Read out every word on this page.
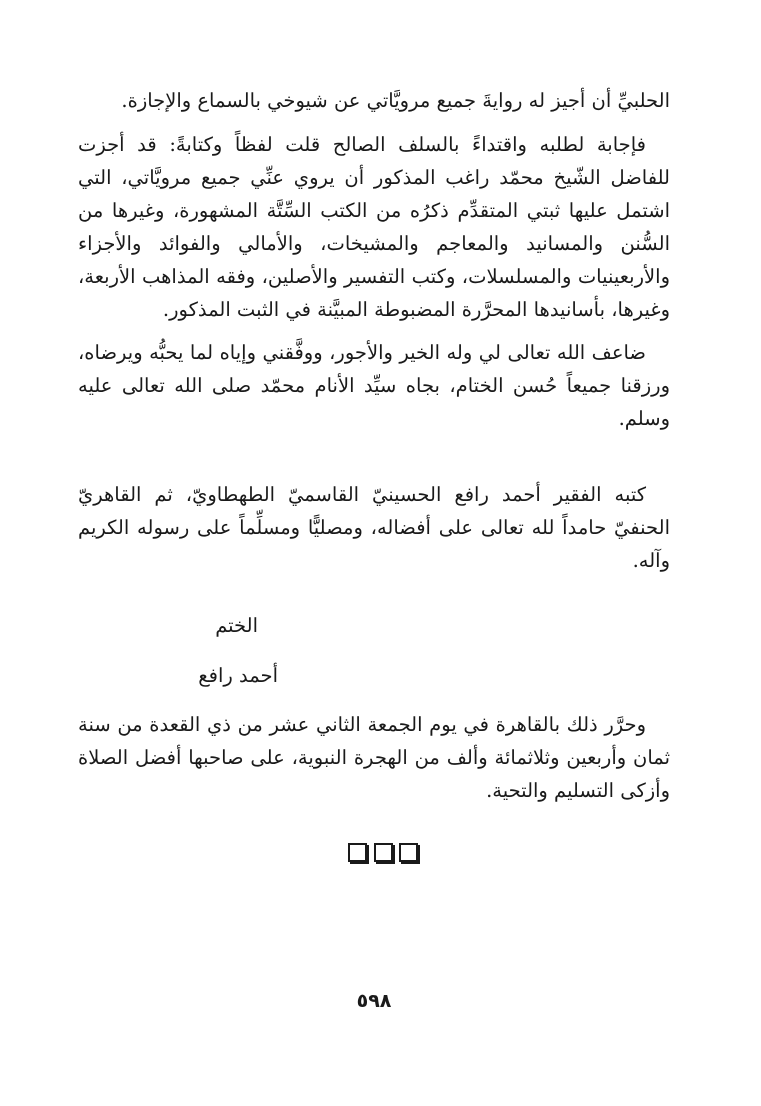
الحلبيِّ أن أجيز له روايةَ جميع مرويَّاتي عن شيوخي بالسماع والإجازة.

فإجابة لطلبه واقتداءً بالسلف الصالح قلت لفظاً وكتابةً: قد أجزت للفاضل الشّيخ محمّد راغب المذكور أن يروي عنِّي جميع مرويَّاتي، التي اشتمل عليها ثبتي المتقدِّم ذكرُه من الكتب السِّتَّة المشهورة، وغيرها من السُّنن والمسانيد والمعاجم والمشيخات، والأمالي والفوائد والأجزاء والأربعينيات والمسلسلات، وكتب التفسير والأصلين، وفقه المذاهب الأربعة، وغيرها، بأسانيدها المحرَّرة المضبوطة المبيَّنة في الثبت المذكور.

ضاعف الله تعالى لي وله الخير والأجور، ووفَّقني وإياه لما يحبُّه ويرضاه، ورزقنا جميعاً حُسن الختام، بجاه سيِّد الأنام محمّد صلى الله تعالى عليه وسلم.

كتبه الفقير أحمد رافع الحسينيّ القاسميّ الطهطاويّ، ثم القاهريّ الحنفيّ حامداً لله تعالى على أفضاله، ومصليًّا ومسلِّماً على رسوله الكريم وآله.

الختم

أحمد رافع

وحرَّر ذلك بالقاهرة في يوم الجمعة الثاني عشر من ذي القعدة من سنة ثمان وأربعين وثلاثمائة وألف من الهجرة النبوية، على صاحبها أفضل الصلاة وأزكى التسليم والتحية.

٥٩٨
